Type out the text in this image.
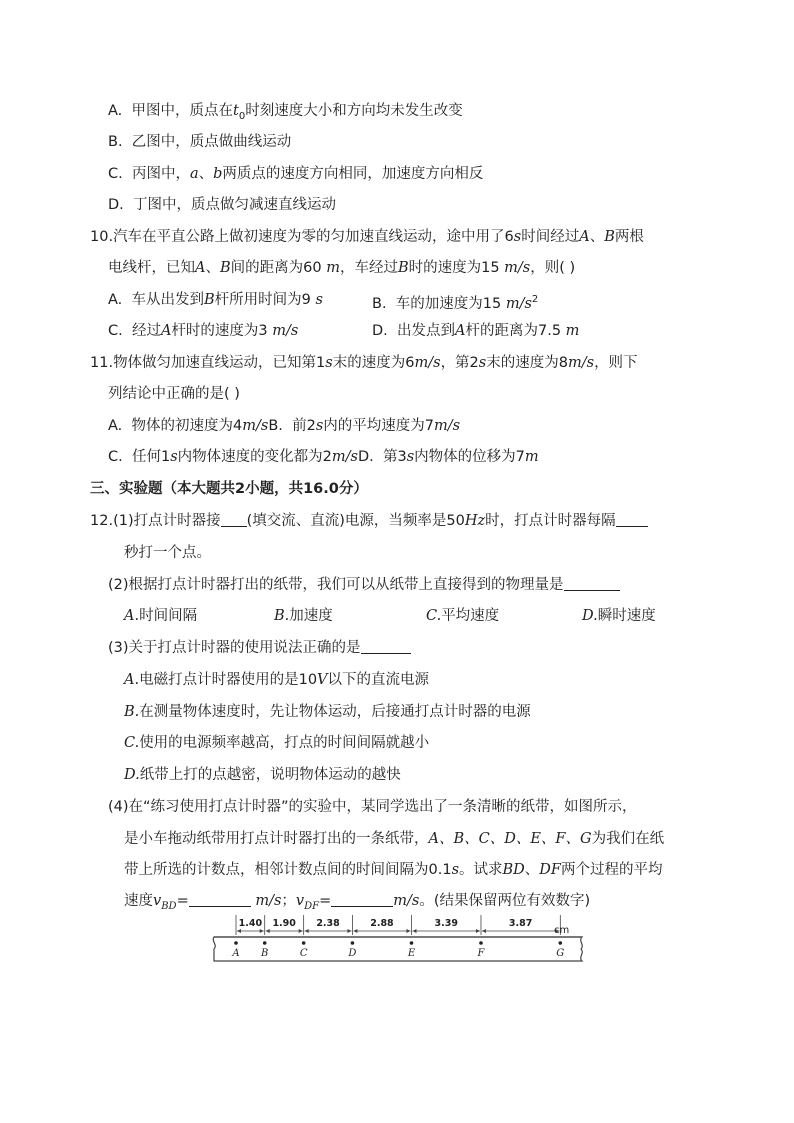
A. 甲图中，质点在$t_0$时刻速度大小和方向均未发生改变
B. 乙图中，质点做曲线运动
C. 丙图中，a、b两质点的速度方向相同，加速度方向相反
D. 丁图中，质点做匀减速直线运动
10.汽车在平直公路上做初速度为零的匀加速直线运动，途中用了6s时间经过A、B两根
电线杆，已知A、B间的距离为60 m，车经过B时的速度为15 m/s，则( )
A. 车从出发到B杆所用时间为9 s	B. 车的加速度为15 $m/s^2$
C. 经过A杆时的速度为3 m/s	D. 出发点到A杆的距离为7.5 m
11.物体做匀加速直线运动，已知第1s末的速度为6m/s，第2s末的速度为8m/s，则下
列结论中正确的是( )
A. 物体的初速度为4m/sB. 前2s内的平均速度为7m/s
C. 任何1s内物体速度的变化都为2m/sD. 第3s内物体的位移为7m
三、实验题（本大题共2小题，共16.0分）
12.(1)打点计时器接 (填交流、直流)电源，当频率是50Hz时，打点计时器每隔
秒打一个点。
(2)根据打点计时器打出的纸带，我们可以从纸带上直接得到的物理量是
A.时间间隔	B.加速度	C.平均速度	D.瞬时速度
(3)关于打点计时器的使用说法正确的是
A.电磁打点计时器使用的是10V以下的直流电源
B.在测量物体速度时，先让物体运动，后接通打点计时器的电源
C.使用的电源频率越高，打点的时间间隔就越小
D.纸带上打的点越密，说明物体运动的越快
(4)在“练习使用打点计时器”的实验中，某同学选出了一条清晰的纸带，如图所示，
是小车拖动纸带用打点计时器打出的一条纸带，A、B、C、D、E、F、G为我们在纸
带上所选的计数点，相邻计数点间的时间间隔为0.1s。试求BD、DF两个过程的平均
速度$v_{BD}=$	m/s；$v_{DF}=$	m/s。(结果保留两位有效数字)
1.40 1.90 2.38	2.88	3.39	3.87
A B	C	D	E	F	G
cm
